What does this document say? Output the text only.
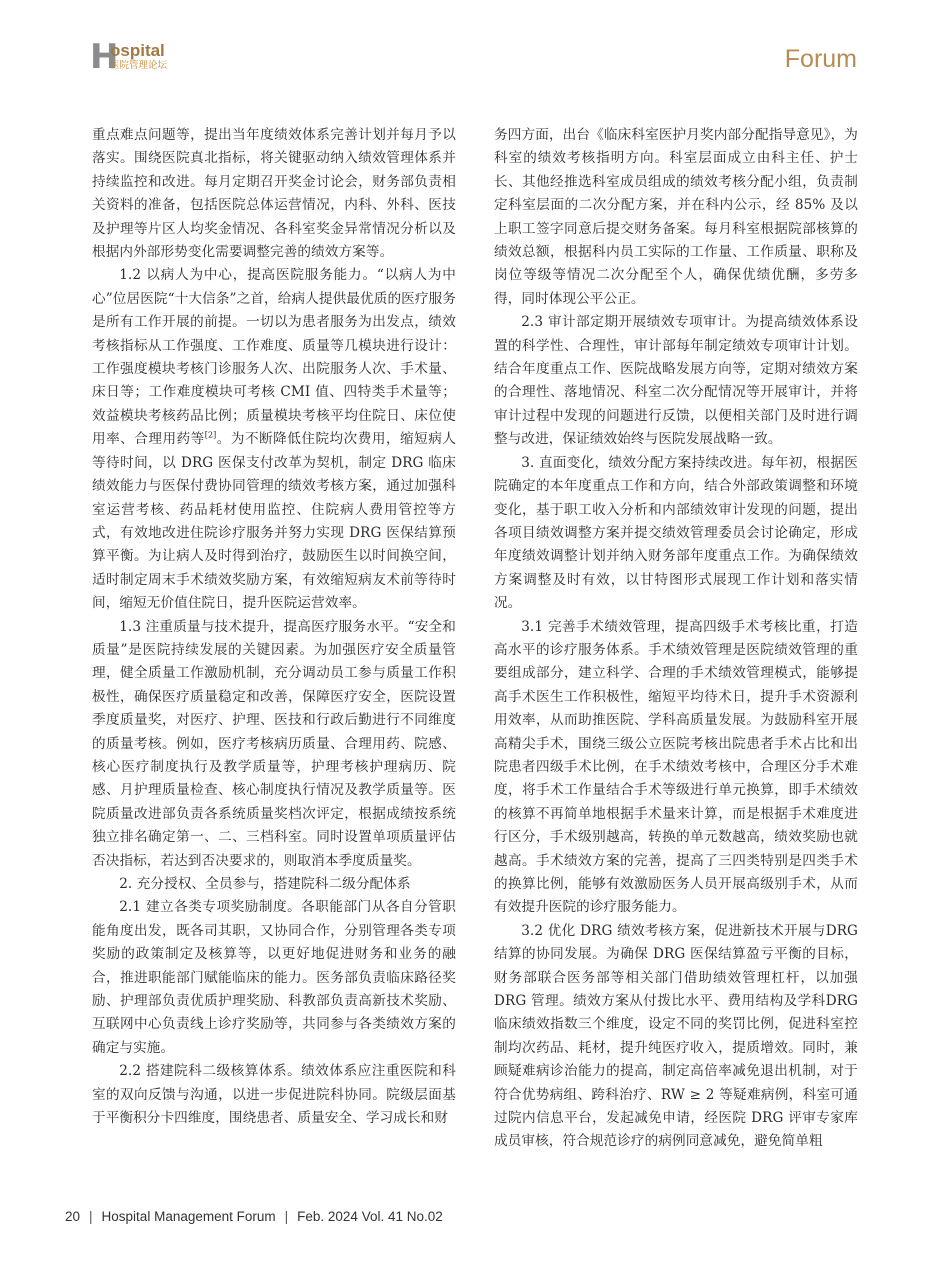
H
ospital
医院管理论坛	Forum

重点难点问题等，提出当年度绩效体系完善计划并每月予以落实。围绕医院真北指标，将关键驱动纳入绩效管理体系并持续监控和改进。每月定期召开奖金讨论会，财务部负责相关资料的准备，包括医院总体运营情况，内科、外科、医技及护理等片区人均奖金情况、各科室奖金异常情况分析以及根据内外部形势变化需要调整完善的绩效方案等。

1.2 以病人为中心，提高医院服务能力。“以病人为中心”位居医院“十大信条”之首，给病人提供最优质的医疗服务是所有工作开展的前提。一切以为患者服务为出发点，绩效考核指标从工作强度、工作难度、质量等几模块进行设计：工作强度模块考核门诊服务人次、出院服务人次、手术量、床日等；工作难度模块可考核 CMI 值、四特类手术量等；效益模块考核药品比例；质量模块考核平均住院日、床位使用率、合理用药等[2]。为不断降低住院均次费用，缩短病人等待时间，以 DRG 医保支付改革为契机，制定 DRG 临床绩效能力与医保付费协同管理的绩效考核方案，通过加强科室运营考核、药品耗材使用监控、住院病人费用管控等方式，有效地改进住院诊疗服务并努力实现 DRG 医保结算预算平衡。为让病人及时得到治疗，鼓励医生以时间换空间，适时制定周末手术绩效奖励方案，有效缩短病友术前等待时间，缩短无价值住院日，提升医院运营效率。

1.3 注重质量与技术提升，提高医疗服务水平。“安全和质量”是医院持续发展的关键因素。为加强医疗安全质量管理，健全质量工作激励机制，充分调动员工参与质量工作积极性，确保医疗质量稳定和改善，保障医疗安全，医院设置季度质量奖，对医疗、护理、医技和行政后勤进行不同维度的质量考核。例如，医疗考核病历质量、合理用药、院感、核心医疗制度执行及教学质量等，护理考核护理病历、院感、月护理质量检查、核心制度执行情况及教学质量等。医院质量改进部负责各系统质量奖档次评定，根据成绩按系统独立排名确定第一、二、三档科室。同时设置单项质量评估否决指标，若达到否决要求的，则取消本季度质量奖。

2. 充分授权、全员参与，搭建院科二级分配体系

2.1 建立各类专项奖励制度。各职能部门从各自分管职能角度出发，既各司其职，又协同合作，分别管理各类专项奖励的政策制定及核算等，以更好地促进财务和业务的融合，推进职能部门赋能临床的能力。医务部负责临床路径奖励、护理部负责优质护理奖励、科教部负责高新技术奖励、互联网中心负责线上诊疗奖励等，共同参与各类绩效方案的确定与实施。

2.2 搭建院科二级核算体系。绩效体系应注重医院和科室的双向反馈与沟通，以进一步促进院科协同。院级层面基于平衡积分卡四维度，围绕患者、质量安全、学习成长和财

务四方面，出台《临床科室医护月奖内部分配指导意见》，为科室的绩效考核指明方向。科室层面成立由科主任、护士长、其他经推选科室成员组成的绩效考核分配小组，负责制定科室层面的二次分配方案，并在科内公示，经 85% 及以上职工签字同意后提交财务备案。每月科室根据院部核算的绩效总额，根据科内员工实际的工作量、工作质量、职称及岗位等级等情况二次分配至个人，确保优绩优酬，多劳多得，同时体现公平公正。

2.3 审计部定期开展绩效专项审计。为提高绩效体系设置的科学性、合理性，审计部每年制定绩效专项审计计划。结合年度重点工作、医院战略发展方向等，定期对绩效方案的合理性、落地情况、科室二次分配情况等开展审计，并将审计过程中发现的问题进行反馈，以便相关部门及时进行调整与改进，保证绩效始终与医院发展战略一致。

3. 直面变化，绩效分配方案持续改进。每年初，根据医院确定的本年度重点工作和方向，结合外部政策调整和环境变化，基于职工收入分析和内部绩效审计发现的问题，提出各项目绩效调整方案并提交绩效管理委员会讨论确定，形成年度绩效调整计划并纳入财务部年度重点工作。为确保绩效方案调整及时有效，以甘特图形式展现工作计划和落实情况。

3.1 完善手术绩效管理，提高四级手术考核比重，打造高水平的诊疗服务体系。手术绩效管理是医院绩效管理的重要组成部分，建立科学、合理的手术绩效管理模式，能够提高手术医生工作积极性，缩短平均待术日，提升手术资源利用效率，从而助推医院、学科高质量发展。为鼓励科室开展高精尖手术，围绕三级公立医院考核出院患者手术占比和出院患者四级手术比例，在手术绩效考核中，合理区分手术难度，将手术工作量结合手术等级进行单元换算，即手术绩效的核算不再简单地根据手术量来计算，而是根据手术难度进行区分，手术级别越高，转换的单元数越高，绩效奖励也就越高。手术绩效方案的完善，提高了三四类特别是四类手术的换算比例，能够有效激励医务人员开展高级别手术，从而有效提升医院的诊疗服务能力。

3.2 优化 DRG 绩效考核方案，促进新技术开展与DRG 结算的协同发展。为确保 DRG 医保结算盈亏平衡的目标，财务部联合医务部等相关部门借助绩效管理杠杆，以加强 DRG 管理。绩效方案从付拨比水平、费用结构及学科DRG 临床绩效指数三个维度，设定不同的奖罚比例，促进科室控制均次药品、耗材，提升纯医疗收入，提质增效。同时，兼顾疑难病诊治能力的提高，制定高倍率减免退出机制，对于符合优势病组、跨科治疗、RW ≥ 2 等疑难病例，科室可通过院内信息平台，发起减免申请，经医院 DRG 评审专家库成员审核，符合规范诊疗的病例同意减免，避免简单粗

20 | Hospital Management Forum | Feb. 2024 Vol. 41 No.02
